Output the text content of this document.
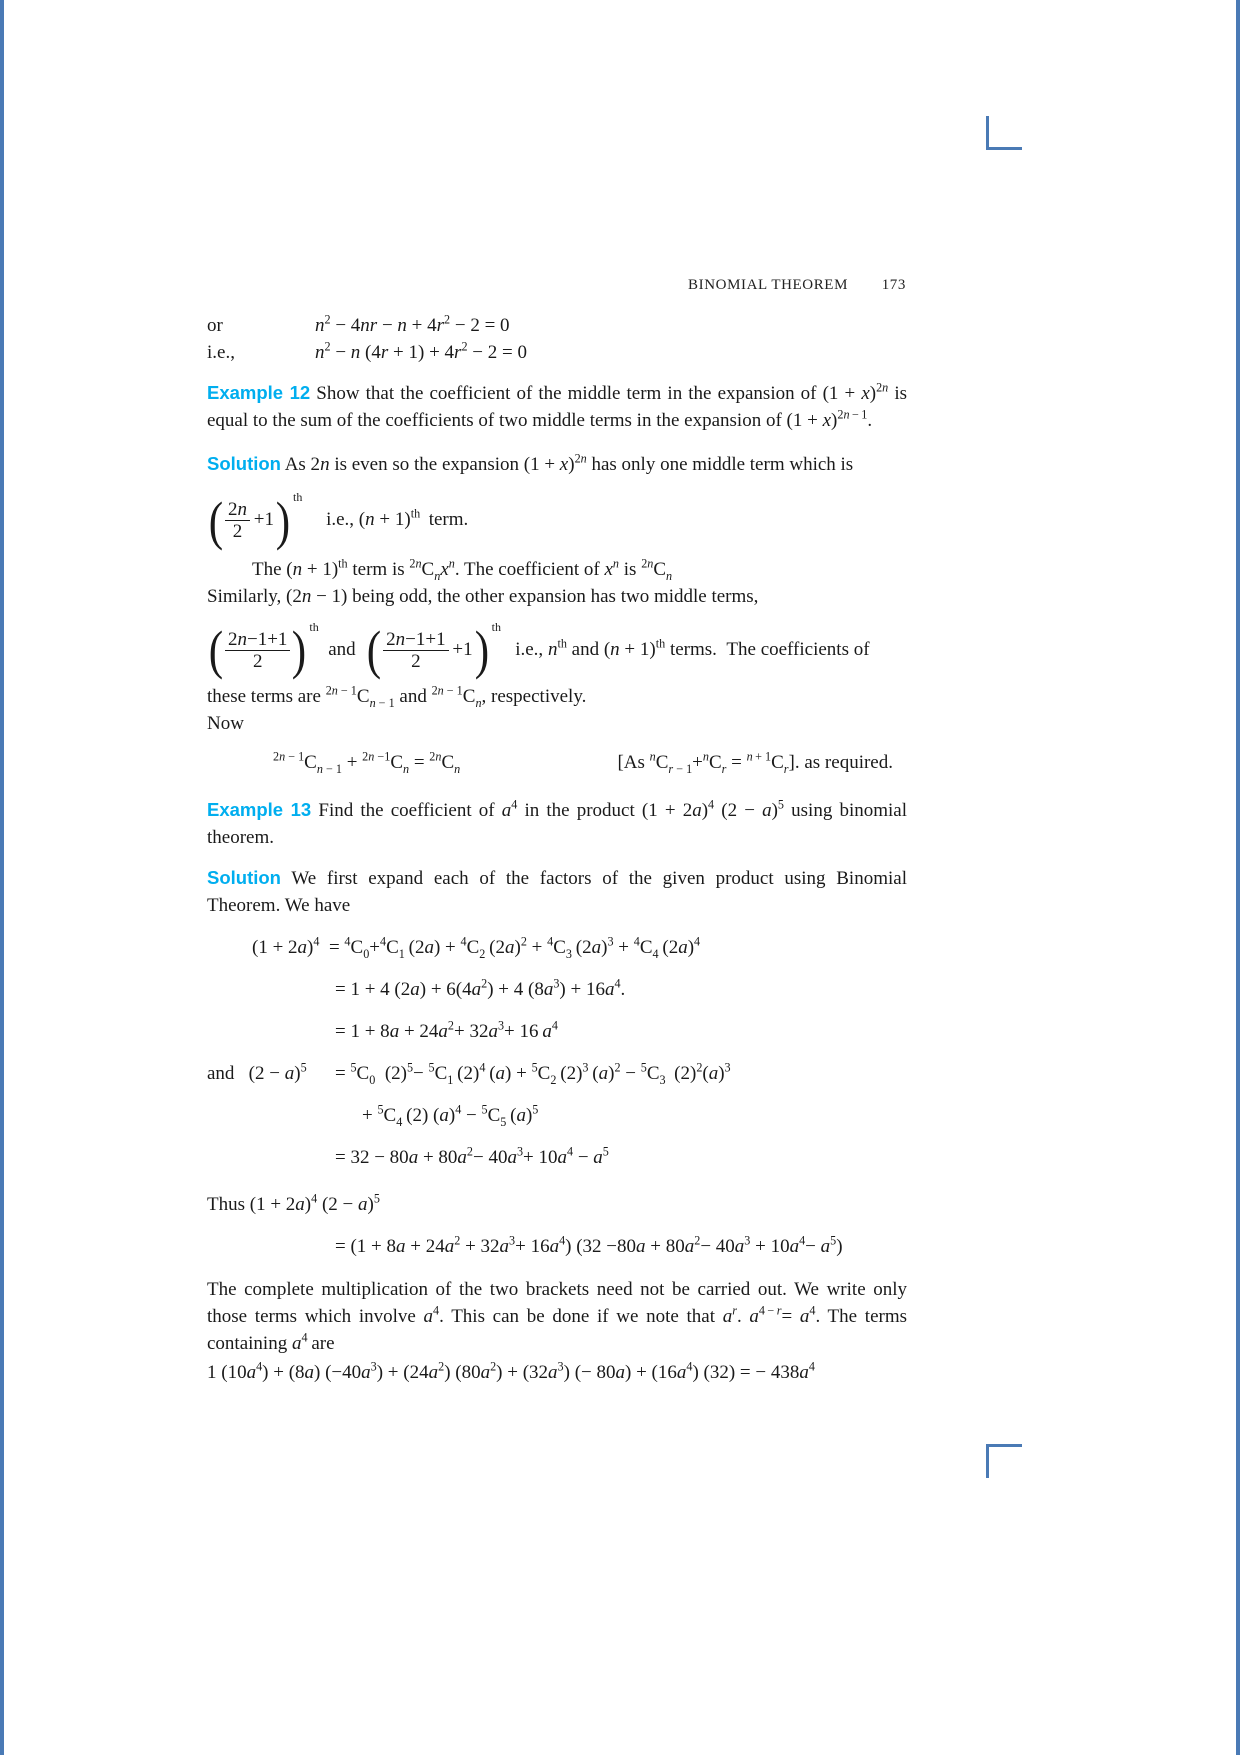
BINOMIAL THEOREM 173
or	$n^2 - 4nr - n + 4r^2 - 2 = 0$
i.e.,	$n^2 - n$ $(4r + 1) + 4r^2 - 2 = 0$
Example 12 Show that the coefficient of the middle term in the expansion of $(1 + x)^{2n}$ is equal to the sum of the coefficients of two middle terms in the expansion of $(1 + x)^{2n - 1}$.
Solution As 2n is even so the expansion $(1 + x)^{2n}$ has only one middle term which is
( $\frac{2n}{2} +1$ ) $^{th}$  i.e., $(n + 1)^{th}$  term.
The $(n + 1)^{th}$ term is $^{2n}C_nx^n$. The coefficient of $x^n$ is $^{2n}C_n$
Similarly, (2n − 1) being odd, the other expansion has two middle terms,
( $\frac{2n-1+1}{2}$ ) $^{th}$ and  ( $\frac{2n-1+1}{2} +1$ ) $^{th}$  i.e., $n^{th}$ and $(n + 1)^{th}$ terms. The coefficients of
these terms are $^{2n - 1}C_{n - 1}$ and $^{2n - 1}C_n$, respectively.
Now
$^{2n - 1}C_{n - 1} + ^{2n -1}C_n = ^{2n}C_n$	[As $^nC_{r - 1}+^nC_r = ^{n + 1}C_r$]. as required.
Example 13 Find the coefficient of $a^4$ in the product $(1 + 2a)^4$ $(2 - a)^5$ using binomial theorem.
Solution We first expand each of the factors of the given product using Binomial Theorem. We have
$(1 + 2a)^4$ = $^4C_0+^4C_1$ $(2a) + ^4C_2$ $(2a)^2 + ^4C_3$ $(2a)^3 + ^4C_4$ $(2a)^4$
= 1 + 4 $(2a) + 6(4a^2) + 4$ $(8a^3) + 16a^4$.
= $1 + 8a + 24a^2+ 32a^3+ 16$ $a^4$
and  $(2 - a)^5$	= $^5C_0$ $(2)^5- ^5C_1$ $(2)^4$ $(a) + ^5C_2$ $(2)^3$ $(a)^2 - ^5C_3$  $(2)^2(a)^3$
+ $^5C_4$ (2) $(a)^4 - ^5C_5$ $(a)^5$
= $32 - 80a + 80a^2- 40a^3+ 10a^4 - a^5$
Thus $(1 + 2a)^4$ $(2 - a)^5$
= $(1 + 8a + 24a^2 + 32a^3+ 16a^4)$ $(32 -80a + 80a^2- 40a^3 + 10a^4- a^5)$
The complete multiplication of the two brackets need not be carried out. We write only those terms which involve $a^4$. This can be done if we note that $a^r$. $a^{4 - r}= a^4$. The terms containing $a^4$ are
1 $(10a^4) + (8a) (-40a^3) + (24a^2) (80a^2) + (32a^3)$ (− $80a) + (16a^4) (32)$ = − $438a^4$
